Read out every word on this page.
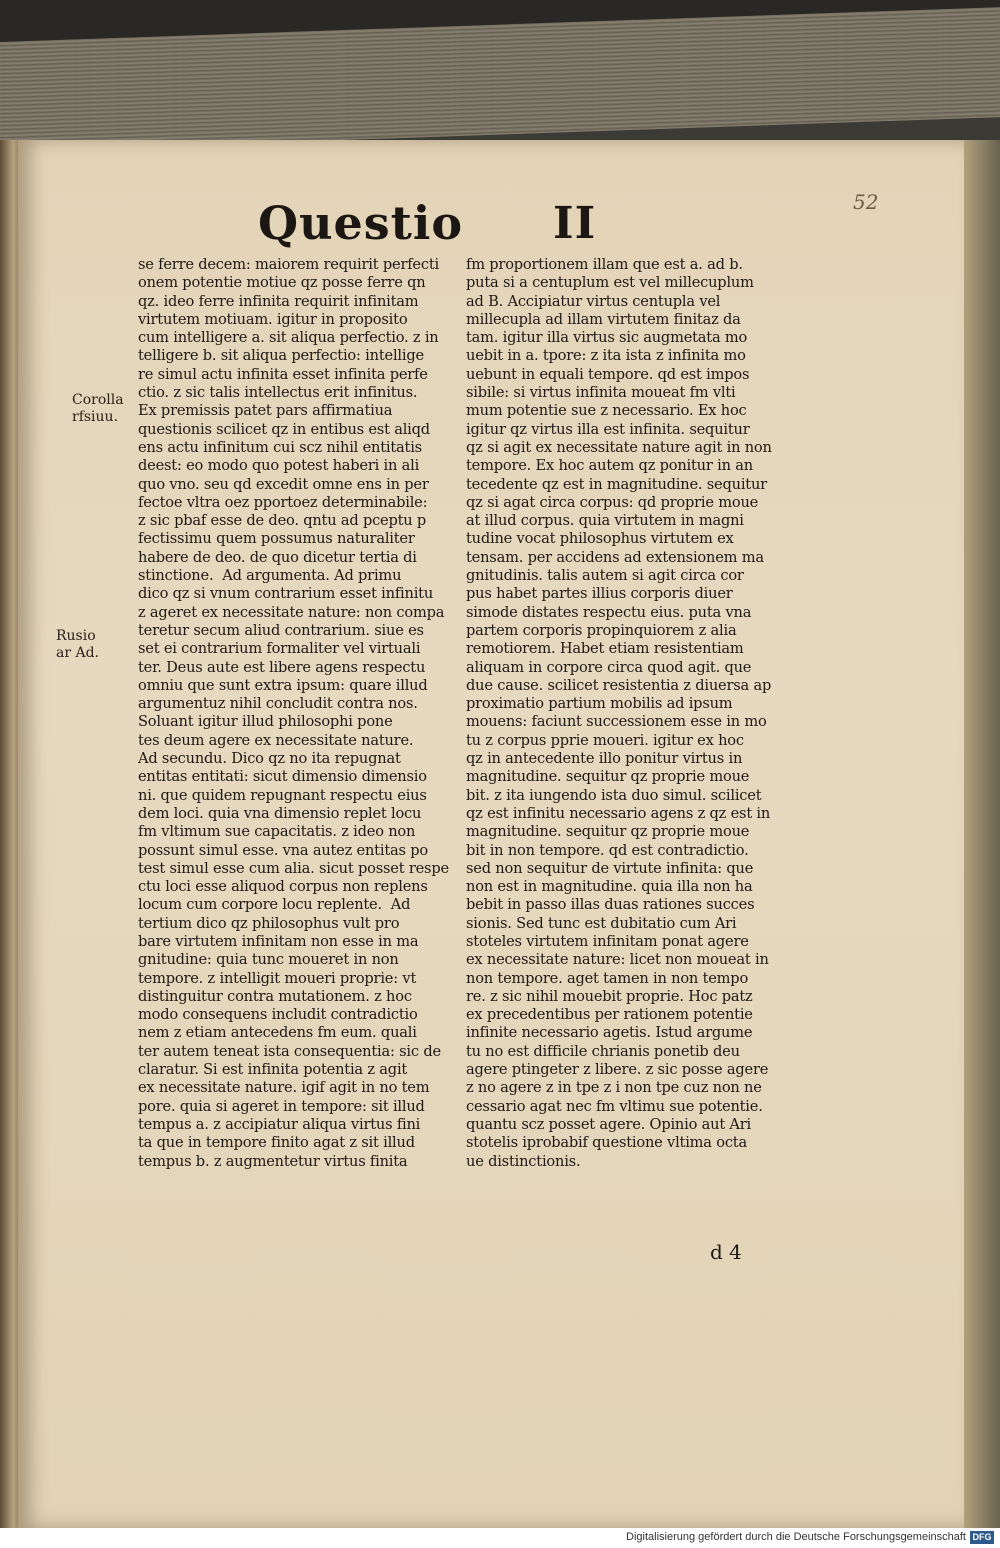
Questio II	52
Corolla
rfsiuu.
Rusio
ar Ad.
se ferre decem: maiorem requirit perfecti
onem potentie motiue qz posse ferre qn
qz. ideo ferre infinita requirit infinitam
virtutem motiuam. igitur in proposito
cum intelligere a. sit aliqua perfectio. z in
telligere b. sit aliqua perfectio: intellige
re simul actu infinita esset infinita perfe
ctio. z sic talis intellectus erit infinitus.
Ex premissis patet pars affirmatiua
questionis scilicet qz in entibus est aliqd
ens actu infinitum cui scz nihil entitatis
deest: eo modo quo potest haberi in ali
quo vno. seu qd excedit omne ens in per
fectoe vltra oez pportoez determinabile:
z sic pbaf esse de deo. qntu ad pceptu p
fectissimu quem possumus naturaliter
habere de deo. de quo dicetur tertia di
stinctione.  Ad argumenta. Ad primu
dico qz si vnum contrarium esset infinitu
z ageret ex necessitate nature: non compa
teretur secum aliud contrarium. siue es
set ei contrarium formaliter vel virtuali
ter. Deus aute est libere agens respectu
omniu que sunt extra ipsum: quare illud
argumentuz nihil concludit contra nos.
Soluant igitur illud philosophi pone
tes deum agere ex necessitate nature.
Ad secundu. Dico qz no ita repugnat
entitas entitati: sicut dimensio dimensio
ni. que quidem repugnant respectu eius
dem loci. quia vna dimensio replet locu
fm vltimum sue capacitatis. z ideo non
possunt simul esse. vna autez entitas po
test simul esse cum alia. sicut posset respe
ctu loci esse aliquod corpus non replens
locum cum corpore locu replente.  Ad
tertium dico qz philosophus vult pro
bare virtutem infinitam non esse in ma
gnitudine: quia tunc moueret in non
tempore. z intelligit moueri proprie: vt
distinguitur contra mutationem. z hoc
modo consequens includit contradictio
nem z etiam antecedens fm eum. quali
ter autem teneat ista consequentia: sic de
claratur. Si est infinita potentia z agit
ex necessitate nature. igif agit in no tem
pore. quia si ageret in tempore: sit illud
tempus a. z accipiatur aliqua virtus fini
ta que in tempore finito agat z sit illud
tempus b. z augmentetur virtus finita
fm proportionem illam que est a. ad b.
puta si a centuplum est vel millecuplum
ad B. Accipiatur virtus centupla vel
millecupla ad illam virtutem finitaz da
tam. igitur illa virtus sic augmetata mo
uebit in a. tpore: z ita ista z infinita mo
uebunt in equali tempore. qd est impos
sibile: si virtus infinita moueat fm vlti
mum potentie sue z necessario. Ex hoc
igitur qz virtus illa est infinita. sequitur
qz si agit ex necessitate nature agit in non
tempore. Ex hoc autem qz ponitur in an
tecedente qz est in magnitudine. sequitur
qz si agat circa corpus: qd proprie moue
at illud corpus. quia virtutem in magni
tudine vocat philosophus virtutem ex
tensam. per accidens ad extensionem ma
gnitudinis. talis autem si agit circa cor
pus habet partes illius corporis diuer
simode distates respectu eius. puta vna
partem corporis propinquiorem z alia
remotiorem. Habet etiam resistentiam
aliquam in corpore circa quod agit. que
due cause. scilicet resistentia z diuersa ap
proximatio partium mobilis ad ipsum
mouens: faciunt successionem esse in mo
tu z corpus pprie moueri. igitur ex hoc
qz in antecedente illo ponitur virtus in
magnitudine. sequitur qz proprie moue
bit. z ita iungendo ista duo simul. scilicet
qz est infinitu necessario agens z qz est in
magnitudine. sequitur qz proprie moue
bit in non tempore. qd est contradictio.
sed non sequitur de virtute infinita: que
non est in magnitudine. quia illa non ha
bebit in passo illas duas rationes succes
sionis. Sed tunc est dubitatio cum Ari
stoteles virtutem infinitam ponat agere
ex necessitate nature: licet non moueat in
non tempore. aget tamen in non tempo
re. z sic nihil mouebit proprie. Hoc patz
ex precedentibus per rationem potentie
infinite necessario agetis. Istud argume
tu no est difficile chrianis ponetib deu
agere ptingeter z libere. z sic posse agere
z no agere z in tpe z i non tpe cuz non ne
cessario agat nec fm vltimu sue potentie.
quantu scz posset agere. Opinio aut Ari
stotelis iprobabif questione vltima octa
ue distinctionis.
d 4
Digitalisierung gefördert durch die Deutsche Forschungsgemeinschaft DFG
